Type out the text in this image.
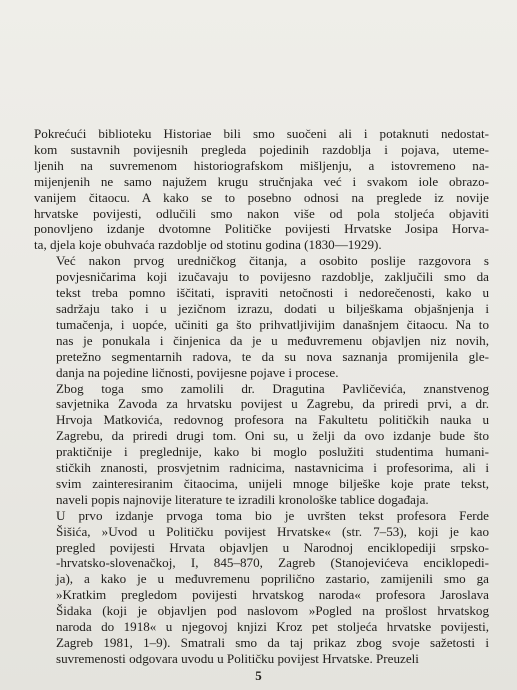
Pokrećući biblioteku Historiae bili smo suočeni ali i potaknuti nedostat-
kom sustavnih povijesnih pregleda pojedinih razdoblja i pojava, uteme-
ljenih na suvremenom historiografskom mišljenju, a istovremeno na-
mijenjenih ne samo najužem krugu stručnjaka već i svakom iole obrazo-
vanijem čitaocu. A kako se to posebno odnosi na preglede iz novije
hrvatske povijesti, odlučili smo nakon više od pola stoljeća objaviti
ponovljeno izdanje dvotomne Političke povijesti Hrvatske Josipa Horva-
ta, djela koje obuhvaća razdoblje od stotinu godina (1830—1929).

Već nakon prvog uredničkog čitanja, a osobito poslije razgovora s
povjesničarima koji izučavaju to povijesno razdoblje, zaključili smo da
tekst treba pomno iščitati, ispraviti netočnosti i nedorečenosti, kako u
sadržaju tako i u jezičnom izrazu, dodati u bilješkama objašnjenja i
tumačenja, i uopće, učiniti ga što prihvatljivijim današnjem čitaocu. Na to
nas je ponukala i činjenica da je u međuvremenu objavljen niz novih,
pretežno segmentarnih radova, te da su nova saznanja promijenila gle-
danja na pojedine ličnosti, povijesne pojave i procese.

Zbog toga smo zamolili dr. Dragutina Pavličevića, znanstvenog
savjetnika Zavoda za hrvatsku povijest u Zagrebu, da priredi prvi, a dr.
Hrvoja Matkovića, redovnog profesora na Fakultetu političkih nauka u
Zagrebu, da priredi drugi tom. Oni su, u želji da ovo izdanje bude što
praktičnije i preglednije, kako bi moglo poslužiti studentima humani-
stičkih znanosti, prosvjetnim radnicima, nastavnicima i profesorima, ali i
svim zainteresiranim čitaocima, unijeli mnoge bilješke koje prate tekst,
naveli popis najnovije literature te izradili kronološke tablice događaja.

U prvo izdanje prvoga toma bio je uvršten tekst profesora Ferde
Šišića, »Uvod u Političku povijest Hrvatske« (str. 7–53), koji je kao
pregled povijesti Hrvata objavljen u Narodnoj enciklopediji srpsko-
-hrvatsko-slovenačkoj, I, 845–870, Zagreb (Stanojevićeva enciklopedi-
ja), a kako je u međuvremenu popriličnо zastario, zamijenili smo ga
»Kratkim pregledom povijesti hrvatskog naroda« profesora Jaroslava
Šidaka (koji je objavljen pod naslovom »Pogled na prošlost hrvatskog
naroda do 1918« u njegovoj knjizi Kroz pet stoljeća hrvatske povijesti,
Zagreb 1981, 1–9). Smatrali smo da taj prikaz zbog svoje sažetosti i
suvremenosti odgovara uvodu u Političku povijest Hrvatske. Preuzeli

5
